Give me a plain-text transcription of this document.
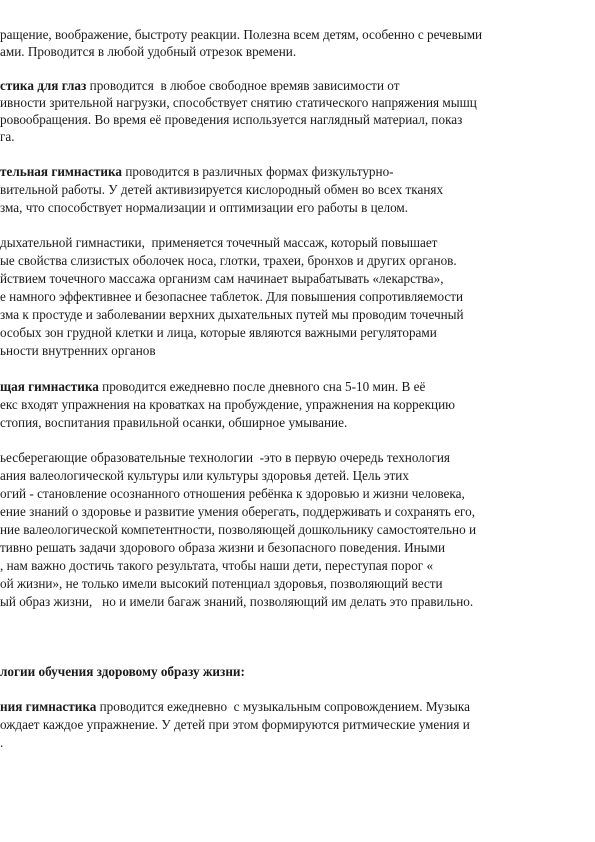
ращение, воображение, быстроту реакции. Полезна всем детям, особенно с речевыми
ами. Проводится в любой удобный отрезок времени.
стика для глаз проводится  в любое свободное времяв зависимости от
ивности зрительной нагрузки, способствует снятию статического напряжения мышц
ровообращения. Во время её проведения используется наглядный материал, показ
га.
тельная гимнастика проводится в различных формах физкультурно-
вительной работы. У детей активизируется кислородный обмен во всех тканях
зма, что способствует нормализации и оптимизации его работы в целом.
дыхательной гимнастики,  применяется точечный массаж, который повышает
ые свойства слизистых оболочек носа, глотки, трахеи, бронхов и других органов.
йствием точечного массажа организм сам начинает вырабатывать «лекарства»,
е намного эффективнее и безопаснее таблеток. Для повышения сопротивляемости
зма к простуде и заболевании верхних дыхательных путей мы проводим точечный
особых зон грудной клетки и лица, которые являются важными регуляторами
ьности внутренних органов
щая гимнастика проводится ежедневно после дневного сна 5-10 мин. В её
екс входят упражнения на кроватках на пробуждение, упражнения на коррекцию
стопия, воспитания правильной осанки, обширное умывание.
ьесберегающие образовательные технологии  -это в первую очередь технология
ания валеологической культуры или культуры здоровья детей. Цель этих
огий - становление осознанного отношения ребёнка к здоровью и жизни человека,
ение знаний о здоровье и развитие умения оберегать, поддерживать и сохранять его,
ние валеологической компетентности, позволяющей дошкольнику самостоятельно и
тивно решать задачи здорового образа жизни и безопасного поведения. Иными
, нам важно достичь такого результата, чтобы наши дети, переступая порог «
ой жизни», не только имели высокий потенциал здоровья, позволяющий вести
ый образ жизни,   но и имели багаж знаний, позволяющий им делать это правильно.
логии обучения здоровому образу жизни:
ния гимнастика проводится ежедневно  с музыкальным сопровождением. Музыка
ождает каждое упражнение. У детей при этом формируются ритмические умения и
.
